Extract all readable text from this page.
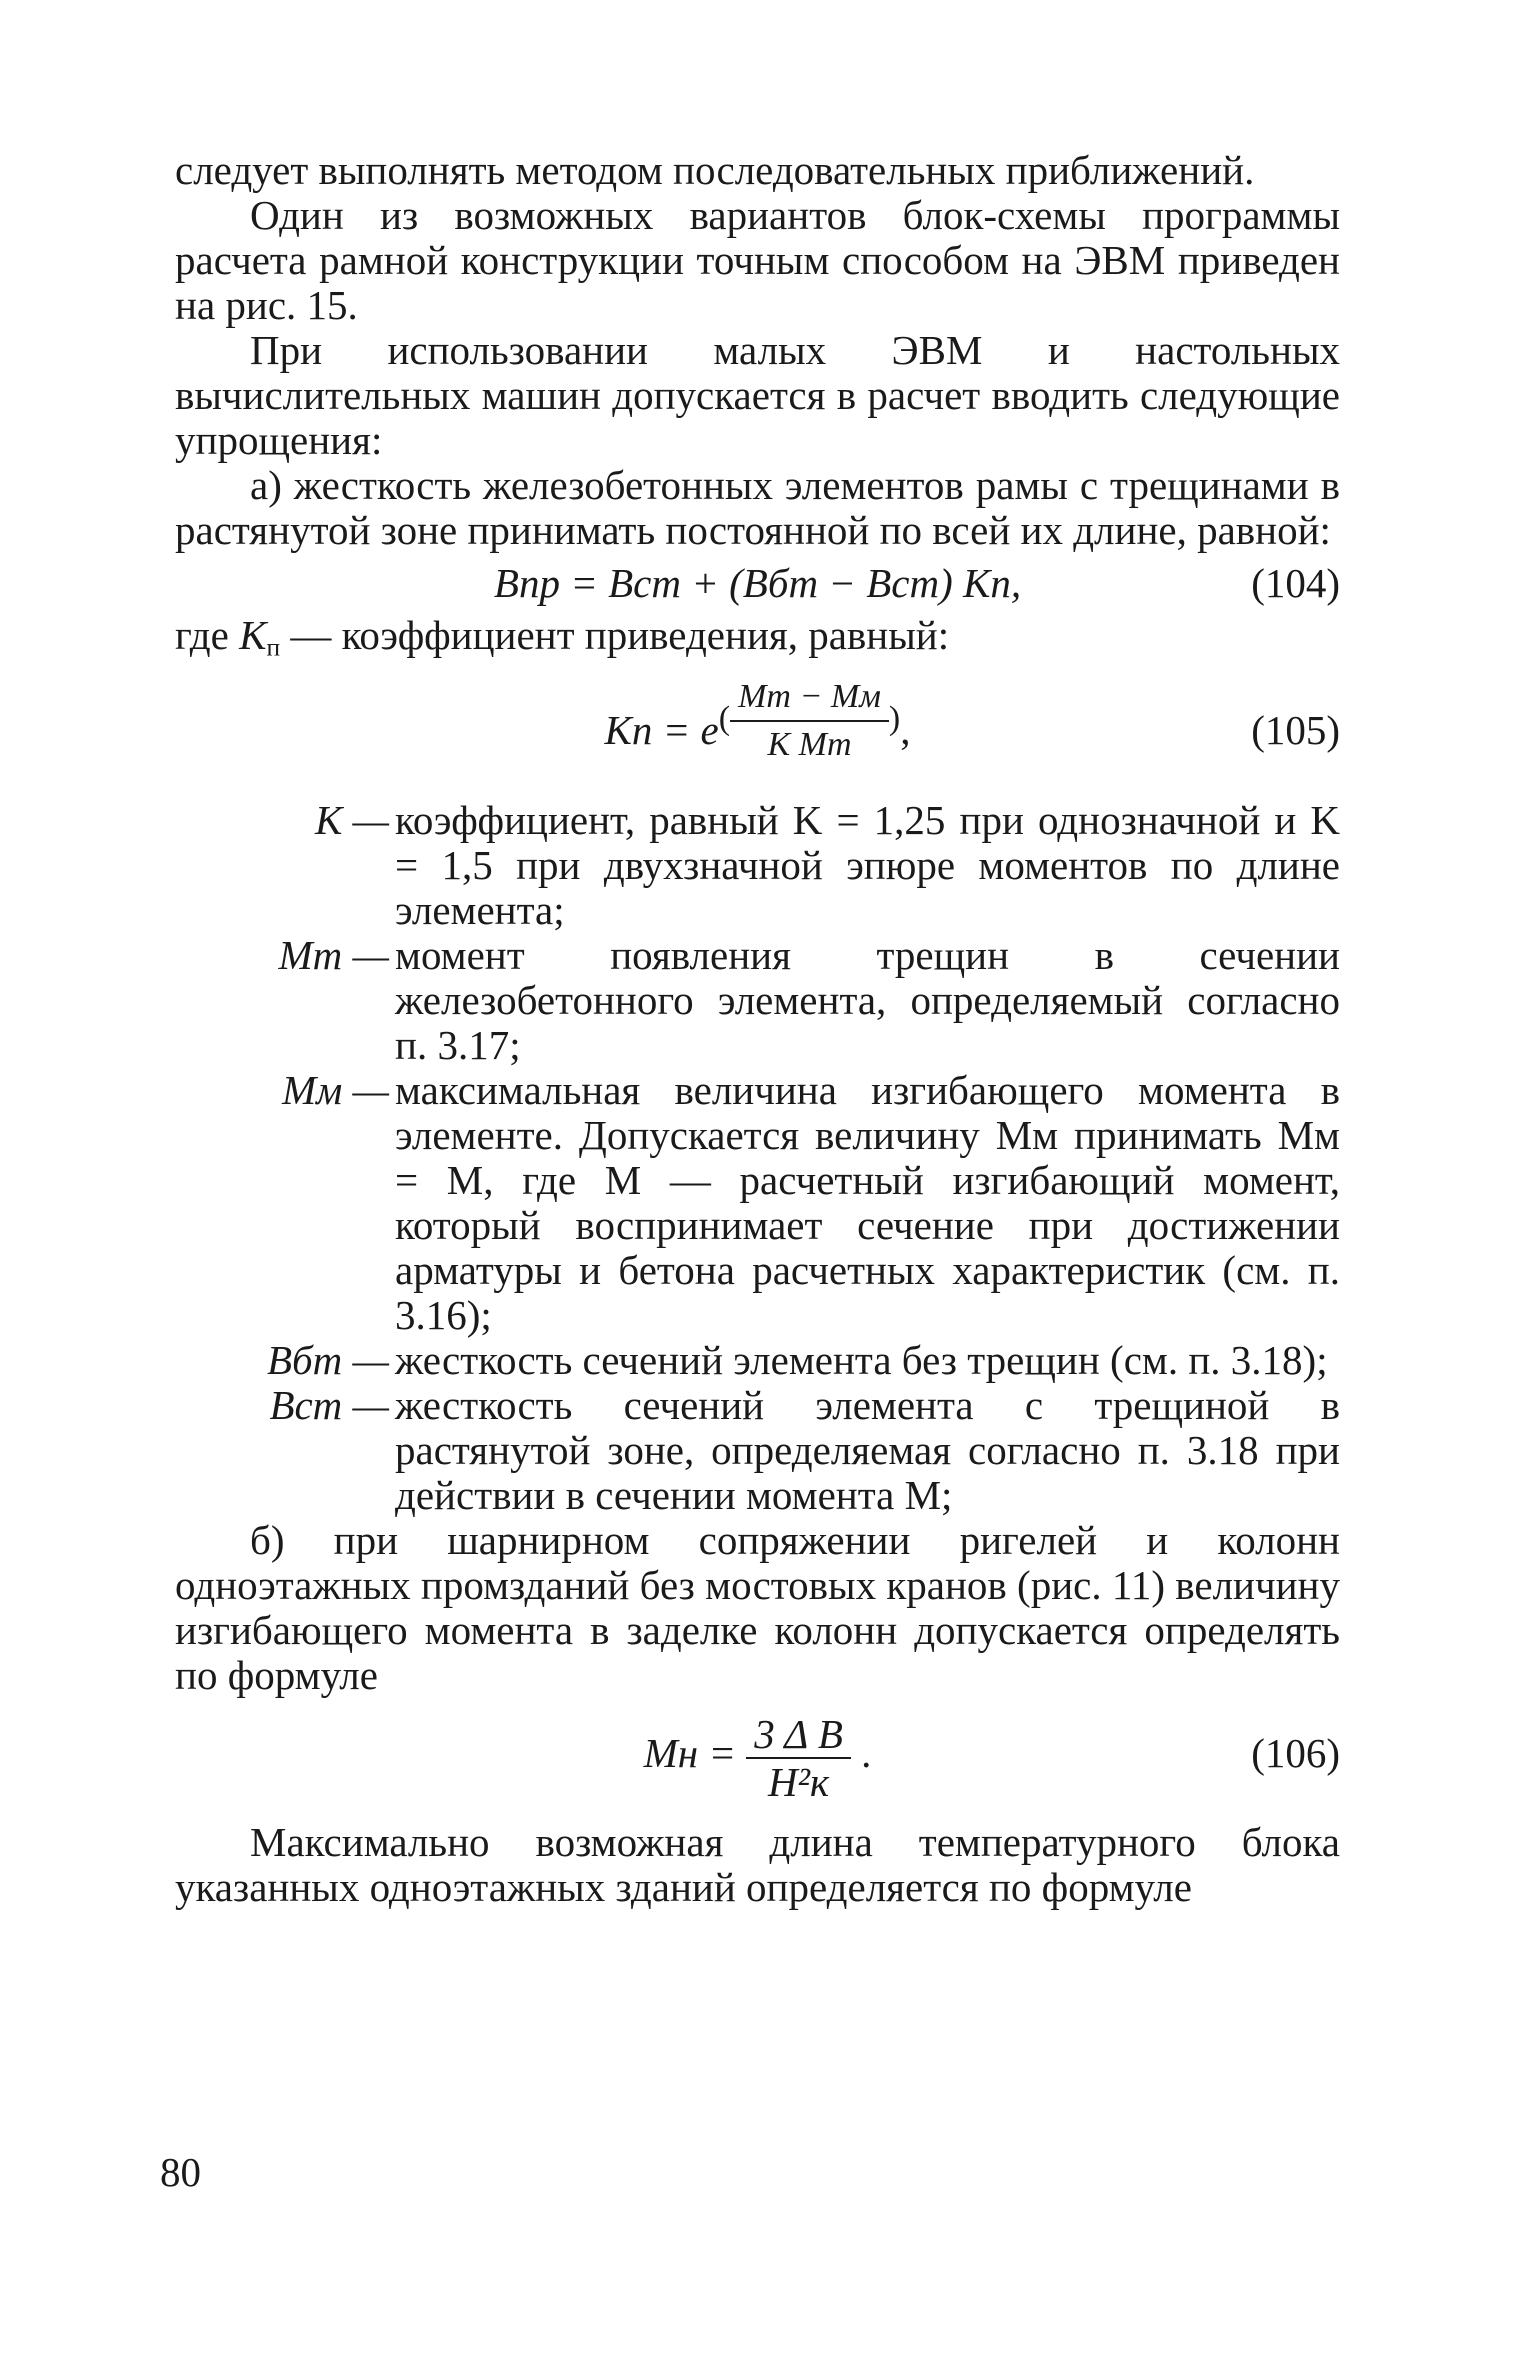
следует выполнять методом последовательных приближений.

Один из возможных вариантов блок-схемы программы расчета рамной конструкции точным способом на ЭВМ приведен на рис. 15.

При использовании малых ЭВМ и настольных вычислительных машин допускается в расчет вводить следующие упрощения:

а) жесткость железобетонных элементов рамы с трещинами в растянутой зоне принимать постоянной по всей их длине, равной:

Bпр = Bст + (Bбт − Bст) Kп,	(104)

где $K_п$ — коэффициент приведения, равный:

Kп = $e( \frac{Mт - Mм}{\text{K Mт}}$ ),	(105)
K — коэффициент, равный K = 1,25 при однозначной и K = 1,5 при двухзначной эпюре моментов по длине элемента;
Mт — момент появления трещин в сечении железобетонного элемента, определяемый согласно п. 3.17;
Mм — максимальная величина изгибающего момента в элементе. Допускается величину Mм принимать Mм = M, где M — расчетный изгибающий момент, который воспринимает сечение при достижении арматуры и бетона расчетных характеристик (см. п. 3.16);
Bбт — жесткость сечений элемента без трещин (см. п. 3.18);
Bст — жесткость сечений элемента с трещиной в растянутой зоне, определяемая согласно п. 3.18 при действии в сечении момента M;

б) при шарнирном сопряжении ригелей и колонн одноэтажных промзданий без мостовых кранов (рис. 11) величину изгибающего момента в заделке колонн допускается определять по формуле

Mн = $\frac{\text{3 Δ B}}{\text{H²к}}$ .	(106)

Максимально возможная длина температурного блока указанных одноэтажных зданий определяется по формуле

80
